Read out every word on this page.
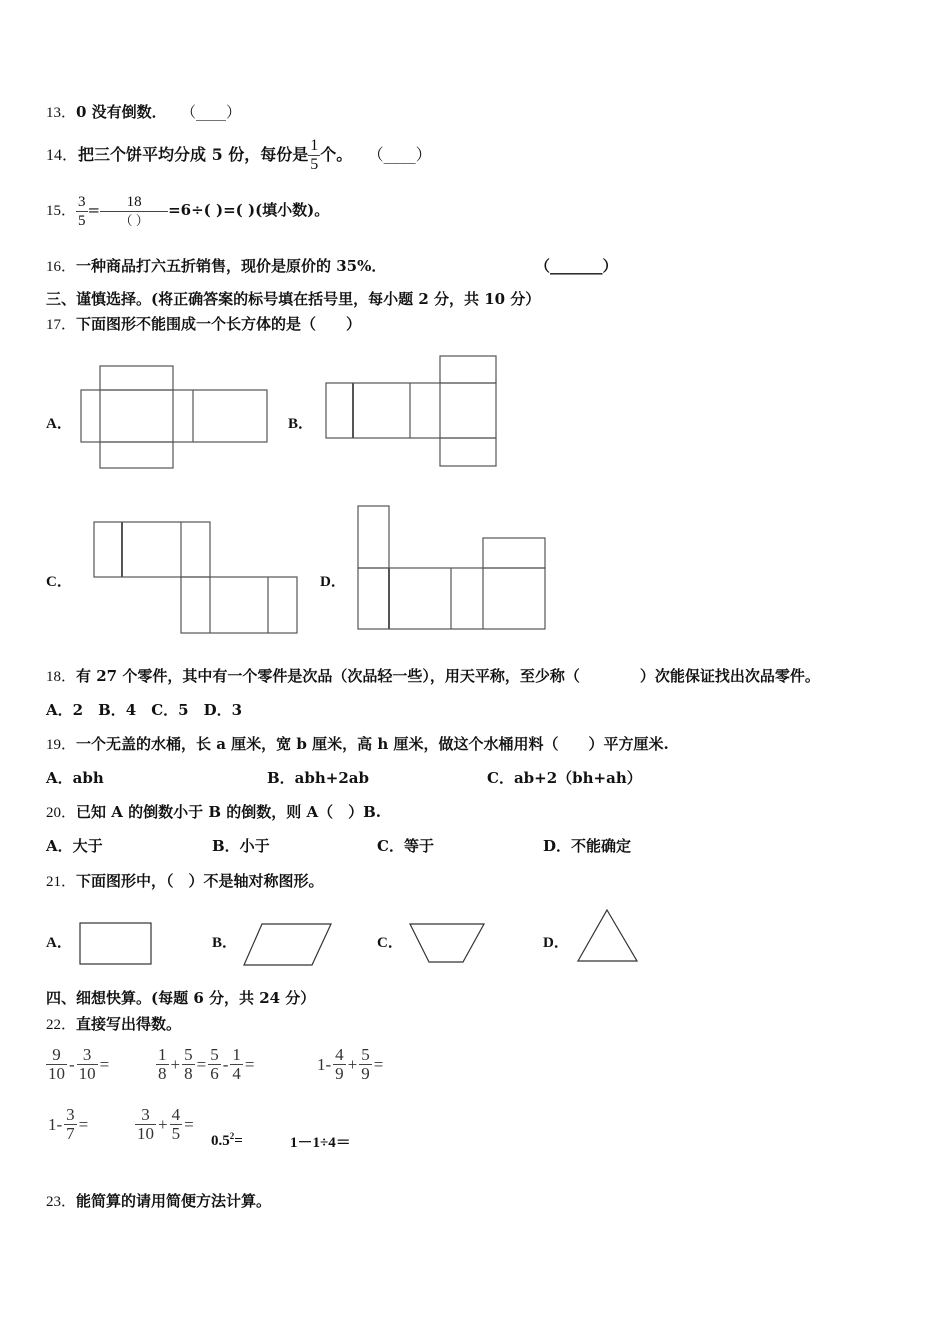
13．0 没有倒数． （____）
14．把三个饼平均分成 5 份，每份是 $\frac{1}{5}$ 个。 （____）
15． $\frac{3}{5} = \frac{18}{( )} =6\div$( )=( )(填小数)。
16．一种商品打六五折销售，现价是原价的 35%．	（_______）
三、谨慎选择。(将正确答案的标号填在括号里，每小题 2 分，共 10 分）
17．下面图形不能围成一个长方体的是（　　）
A．	B．
C．	D．
18．有 27 个零件，其中有一个零件是次品（次品轻一些），用天平称，至少称（　　　　）次能保证找出次品零件。
A．2　B．4　C．5　D．3
19．一个无盖的水桶，长 a 厘米，宽 b 厘米，高 h 厘米，做这个水桶用料（　　）平方厘米.
A．abh	B．abh+2ab	C．ab+2（bh+ah）
20．已知 A 的倒数小于 B 的倒数，则 A（　）B.
A．大于	B．小于	C．等于	D．不能确定
21．下面图形中，（　）不是轴对称图形。
A．	B．	C．	D．
四、细想快算。(每题 6 分，共 24 分）
22．直接写出得数。
$\frac{9}{10} - \frac{3}{10}$ =	$\frac{1}{8} + \frac{5}{8} = \frac{5}{6} - \frac{1}{4}$ =	$1- \frac{4}{9} + \frac{5}{9}$ =
$1- \frac{3}{7}$ =	$\frac{3}{10} + \frac{4}{5}$ =
$0.5^2=$	1－1÷4＝
23．能简算的请用简便方法计算。
